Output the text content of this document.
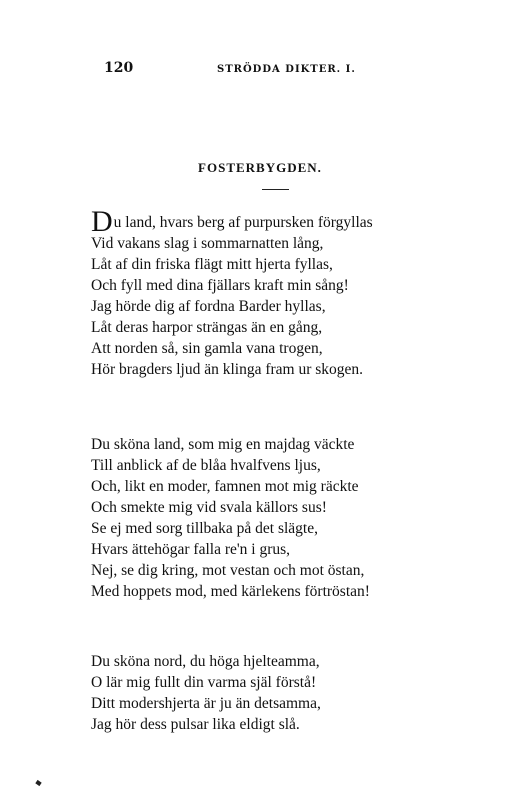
120	STRÖDDA DIKTER. I.
FOSTERBYGDEN.
Du land, hvars berg af purpursken förgyllas
Vid vakans slag i sommarnatten lång,
Låt af din friska flägt mitt hjerta fyllas,
Och fyll med dina fjällars kraft min sång!
Jag hörde dig af fordna Barder hyllas,
Låt deras harpor strängas än en gång,
Att norden så, sin gamla vana trogen,
Hör bragders ljud än klinga fram ur skogen.
Du sköna land, som mig en majdag väckte
Till anblick af de blåa hvalfvens ljus,
Och, likt en moder, famnen mot mig räckte
Och smekte mig vid svala källors sus!
Se ej med sorg tillbaka på det slägte,
Hvars ättehögar falla re'n i grus,
Nej, se dig kring, mot vestan och mot östan,
Med hoppets mod, med kärlekens förtröstan!
Du sköna nord, du höga hjelteamma,
O lär mig fullt din varma själ förstå!
Ditt modershjerta är ju än detsamma,
Jag hör dess pulsar lika eldigt slå.
